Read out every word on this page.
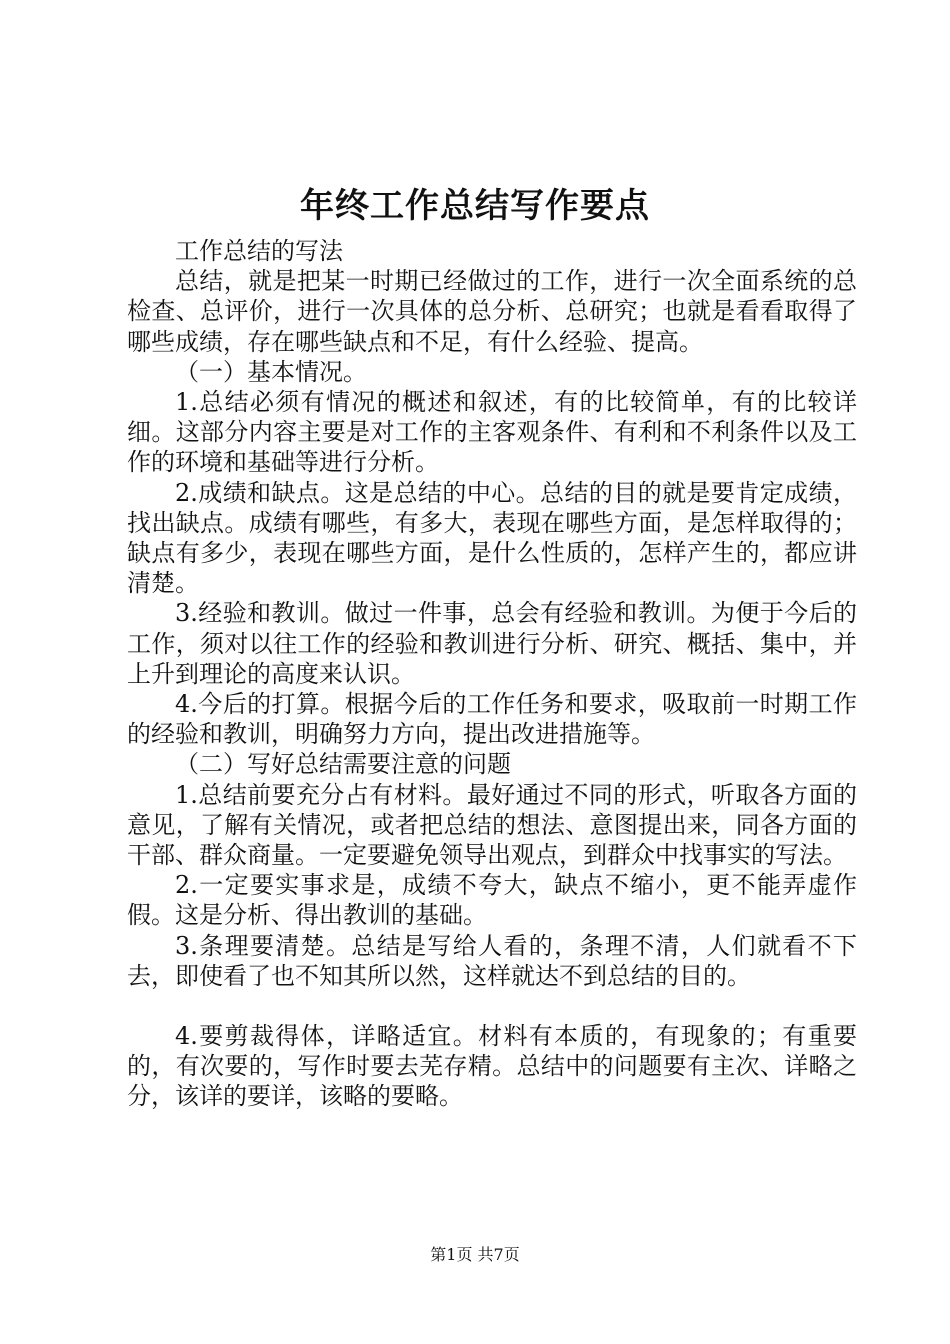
年终工作总结写作要点

工作总结的写法

总结，就是把某一时期已经做过的工作，进行一次全面系统的总检查、总评价，进行一次具体的总分析、总研究；也就是看看取得了哪些成绩，存在哪些缺点和不足，有什么经验、提高。

（一）基本情况。

1.总结必须有情况的概述和叙述，有的比较简单，有的比较详细。这部分内容主要是对工作的主客观条件、有利和不利条件以及工作的环境和基础等进行分析。

2.成绩和缺点。这是总结的中心。总结的目的就是要肯定成绩，找出缺点。成绩有哪些，有多大，表现在哪些方面，是怎样取得的；缺点有多少，表现在哪些方面，是什么性质的，怎样产生的，都应讲清楚。

3.经验和教训。做过一件事，总会有经验和教训。为便于今后的工作，须对以往工作的经验和教训进行分析、研究、概括、集中，并上升到理论的高度来认识。

4.今后的打算。根据今后的工作任务和要求，吸取前一时期工作的经验和教训，明确努力方向，提出改进措施等。

（二）写好总结需要注意的问题

1.总结前要充分占有材料。最好通过不同的形式，听取各方面的意见，了解有关情况，或者把总结的想法、意图提出来，同各方面的干部、群众商量。一定要避免领导出观点，到群众中找事实的写法。

2.一定要实事求是，成绩不夸大，缺点不缩小，更不能弄虚作假。这是分析、得出教训的基础。

3.条理要清楚。总结是写给人看的，条理不清，人们就看不下去，即使看了也不知其所以然，这样就达不到总结的目的。

4.要剪裁得体，详略适宜。材料有本质的，有现象的；有重要的，有次要的，写作时要去芜存精。总结中的问题要有主次、详略之分，该详的要详，该略的要略。

第1页 共7页
